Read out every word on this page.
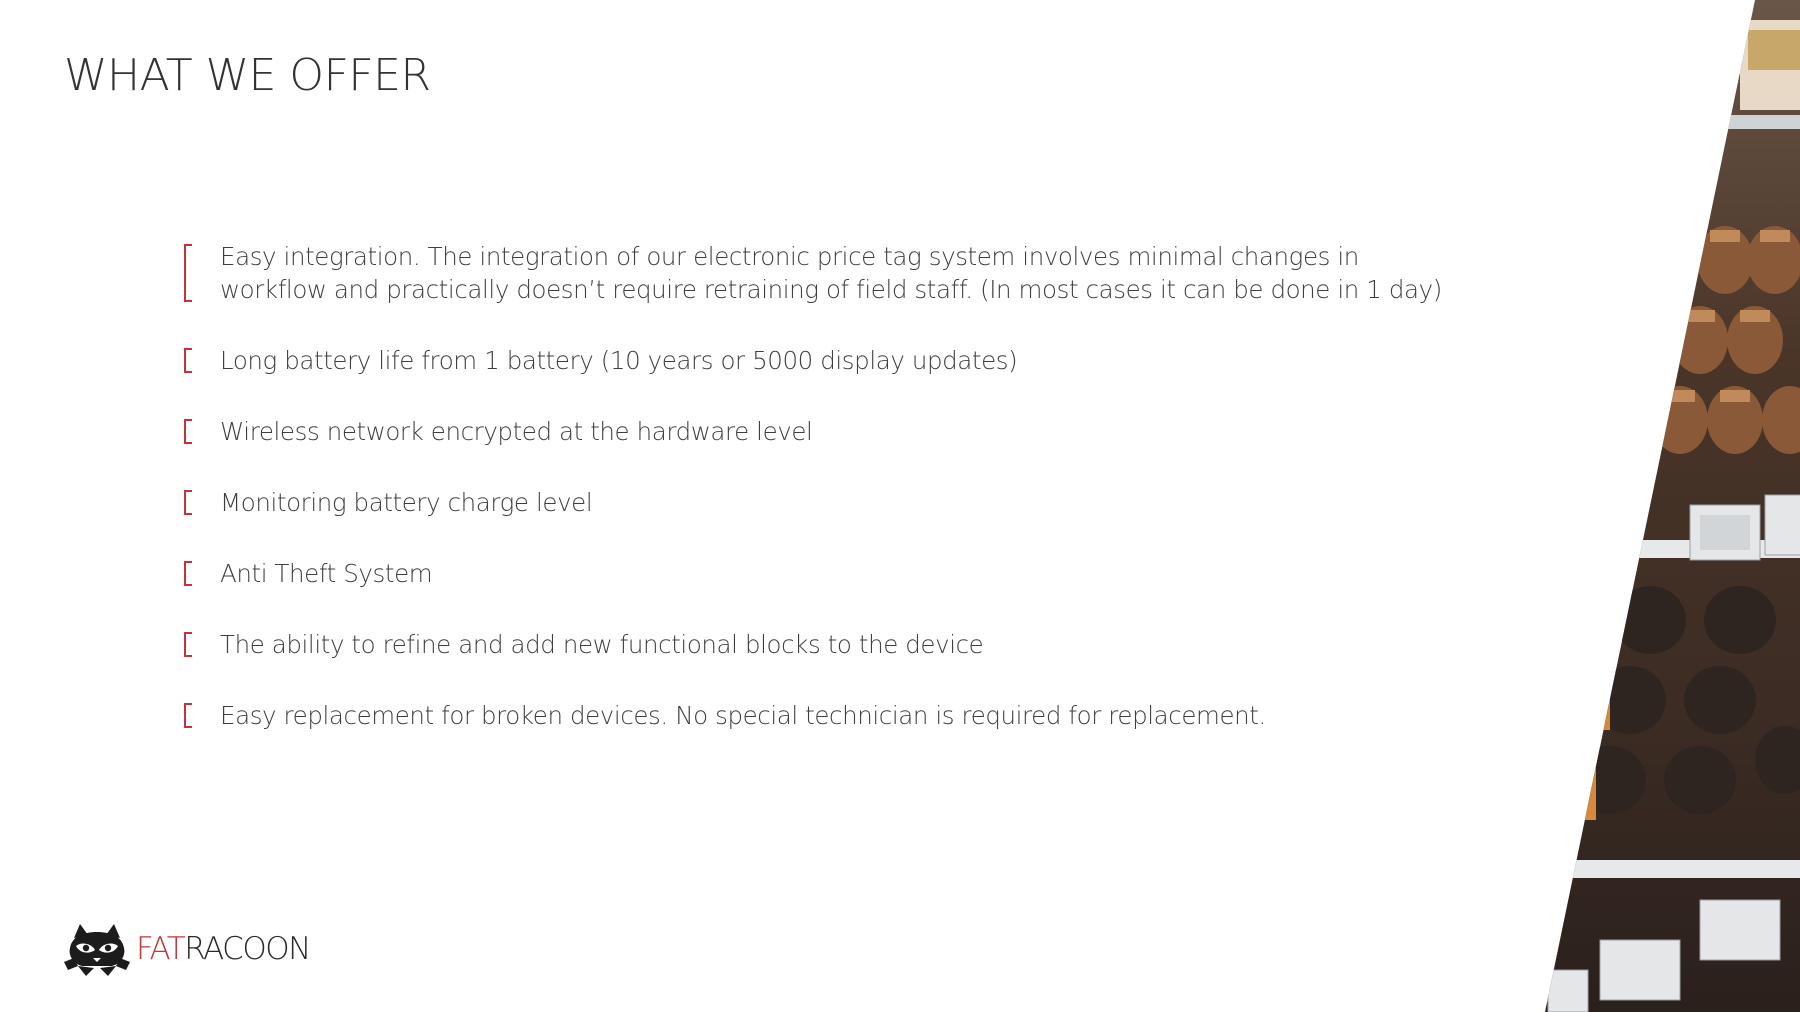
WHAT WE OFFER
Easy integration. The integration of our electronic price tag system involves minimal changes in workflow and practically doesn’t require retraining of field staff. (In most cases it can be done in 1 day)
Long battery life from 1 battery (10 years or 5000 display updates)
Wireless network encrypted at the hardware level
Monitoring battery charge level
Anti Theft System
The ability to refine and add new functional blocks to the device
Easy replacement for broken devices. No special technician is required for replacement.
FATRACOON
